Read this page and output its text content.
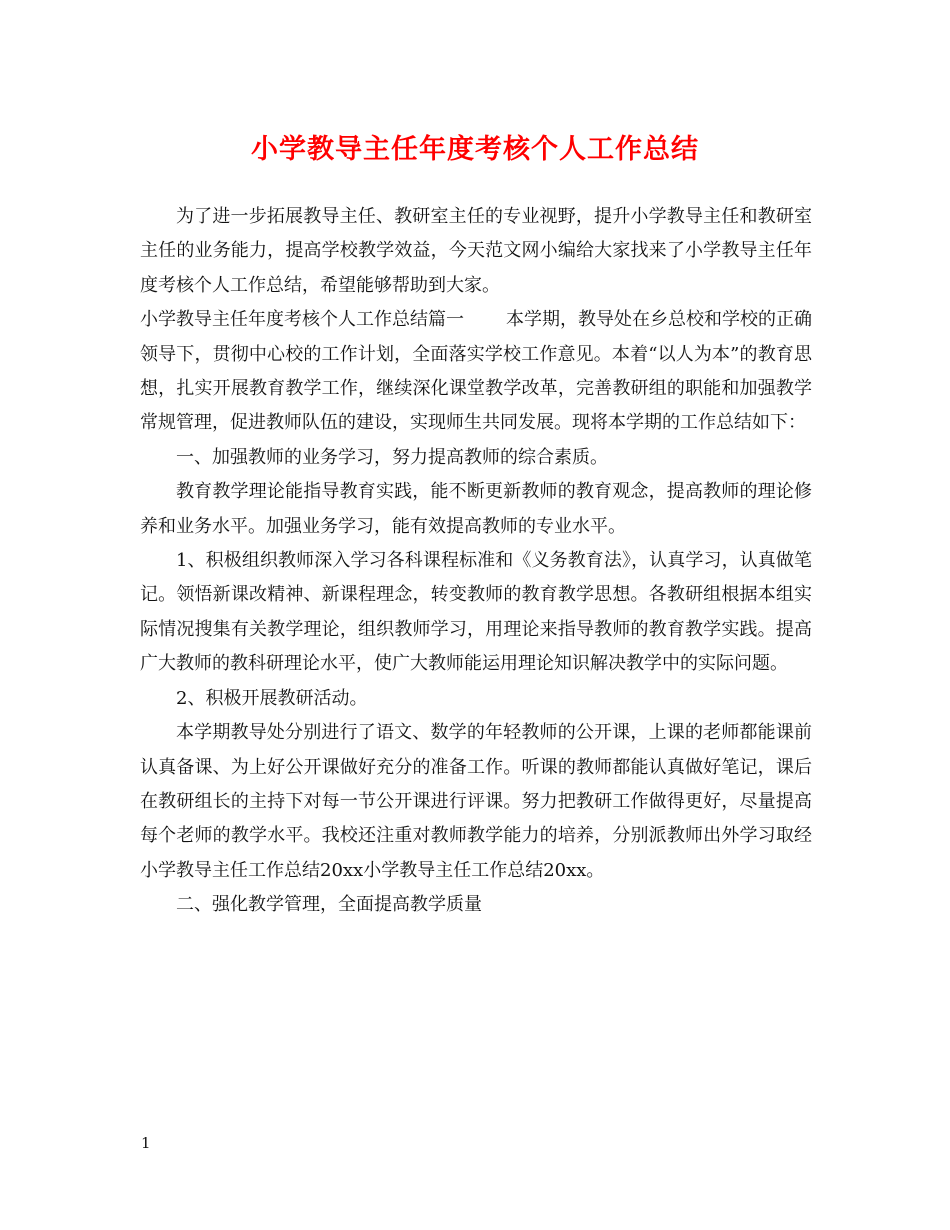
小学教导主任年度考核个人工作总结

为了进一步拓展教导主任、教研室主任的专业视野，提升小学教导主任和教研室主任的业务能力，提高学校教学效益，今天范文网小编给大家找来了小学教导主任年度考核个人工作总结，希望能够帮助到大家。

小学教导主任年度考核个人工作总结篇一 本学期，教导处在乡总校和学校的正确领导下，贯彻中心校的工作计划，全面落实学校工作意见。本着“以人为本”的教育思想，扎实开展教育教学工作，继续深化课堂教学改革，完善教研组的职能和加强教学常规管理，促进教师队伍的建设，实现师生共同发展。现将本学期的工作总结如下：

一、加强教师的业务学习，努力提高教师的综合素质。

教育教学理论能指导教育实践，能不断更新教师的教育观念，提高教师的理论修养和业务水平。加强业务学习，能有效提高教师的专业水平。

1、积极组织教师深入学习各科课程标准和《义务教育法》，认真学习，认真做笔记。领悟新课改精神、新课程理念，转变教师的教育教学思想。各教研组根据本组实际情况搜集有关教学理论，组织教师学习，用理论来指导教师的教育教学实践。提高广大教师的教科研理论水平，使广大教师能运用理论知识解决教学中的实际问题。

2、积极开展教研活动。

本学期教导处分别进行了语文、数学的年轻教师的公开课，上课的老师都能课前认真备课、为上好公开课做好充分的准备工作。听课的教师都能认真做好笔记，课后在教研组长的主持下对每一节公开课进行评课。努力把教研工作做得更好，尽量提高每个老师的教学水平。我校还注重对教师教学能力的培养，分别派教师出外学习取经小学教导主任工作总结20xx小学教导主任工作总结20xx。

二、强化教学管理，全面提高教学质量

1
